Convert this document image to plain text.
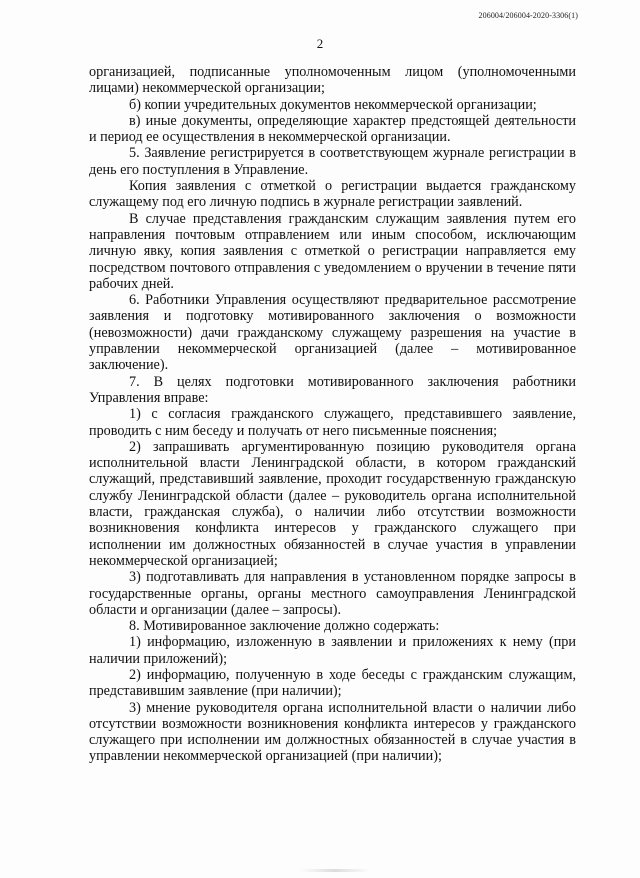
206004/206004-2020-3306(1)
2

организацией, подписанные уполномоченным лицом (уполномоченными лицами) некоммерческой организации;

б) копии учредительных документов некоммерческой организации;

в) иные документы, определяющие характер предстоящей деятельности и период ее осуществления в некоммерческой организации.

5. Заявление регистрируется в соответствующем журнале регистрации в день его поступления в Управление.

Копия заявления с отметкой о регистрации выдается гражданскому служащему под его личную подпись в журнале регистрации заявлений.

В случае представления гражданским служащим заявления путем его направления почтовым отправлением или иным способом, исключающим личную явку, копия заявления с отметкой о регистрации направляется ему посредством почтового отправления с уведомлением о вручении в течение пяти рабочих дней.

6. Работники Управления осуществляют предварительное рассмотрение заявления и подготовку мотивированного заключения о возможности (невозможности) дачи гражданскому служащему разрешения на участие в управлении некоммерческой организацией (далее – мотивированное заключение).

7. В целях подготовки мотивированного заключения работники Управления вправе:

1) с согласия гражданского служащего, представившего заявление, проводить с ним беседу и получать от него письменные пояснения;

2) запрашивать аргументированную позицию руководителя органа исполнительной власти Ленинградской области, в котором гражданский служащий, представивший заявление, проходит государственную гражданскую службу Ленинградской области (далее – руководитель органа исполнительной власти, гражданская служба), о наличии либо отсутствии возможности возникновения конфликта интересов у гражданского служащего при исполнении им должностных обязанностей в случае участия в управлении некоммерческой организацией;

3) подготавливать для направления в установленном порядке запросы в государственные органы, органы местного самоуправления Ленинградской области и организации (далее – запросы).

8. Мотивированное заключение должно содержать:

1) информацию, изложенную в заявлении и приложениях к нему (при наличии приложений);

2) информацию, полученную в ходе беседы с гражданским служащим, представившим заявление (при наличии);

3) мнение руководителя органа исполнительной власти о наличии либо отсутствии возможности возникновения конфликта интересов у гражданского служащего при исполнении им должностных обязанностей в случае участия в управлении некоммерческой организацией (при наличии);
